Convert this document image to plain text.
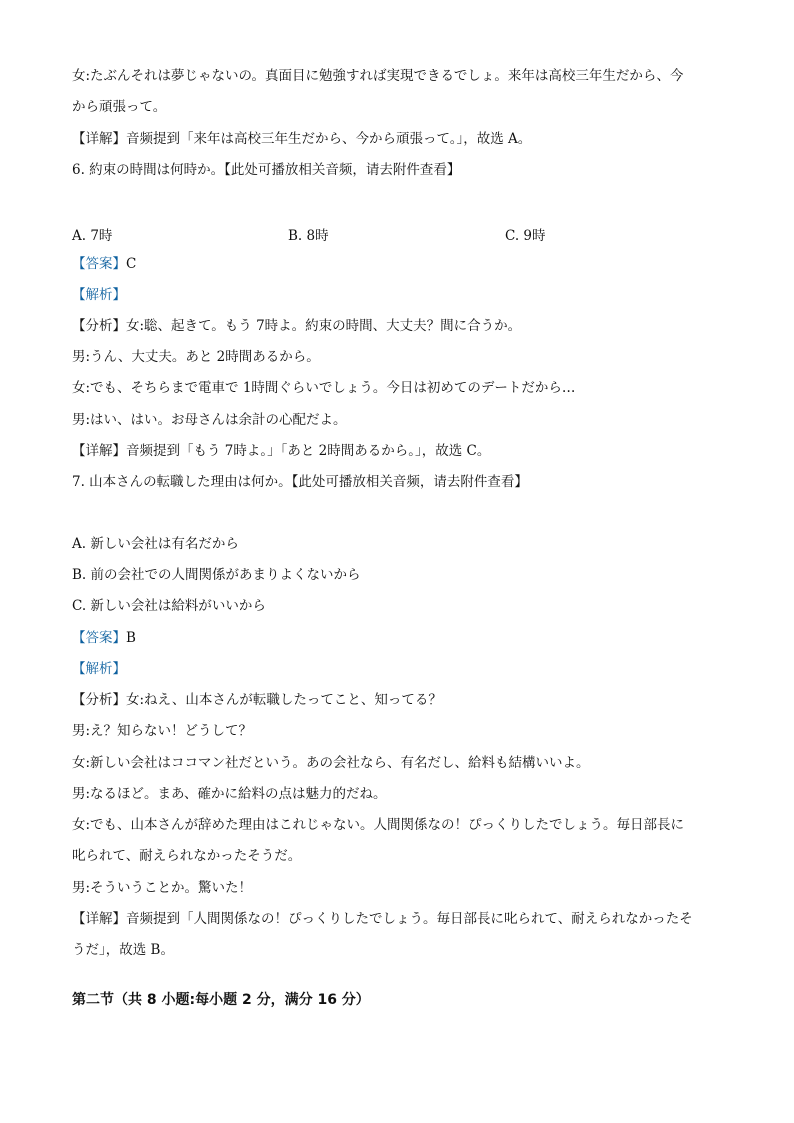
女:たぶんそれは夢じゃないの。真面目に勉強すれば実現できるでしょ。来年は高校三年生だから、今
から頑張って。
【详解】音频提到「来年は高校三年生だから、今から頑張って。」，故选 A。
6. 約束の時間は何時か。【此处可播放相关音频，请去附件查看】
A. 7時	B. 8時	C. 9時
【答案】C
【解析】
【分析】女:聡、起きて。もう 7時よ。約束の時間、大丈夫？間に合うか。
男:うん、大丈夫。あと 2時間あるから。
女:でも、そちらまで電車で 1時間ぐらいでしょう。今日は初めてのデートだから…
男:はい、はい。お母さんは余計の心配だよ。
【详解】音频提到「もう 7時よ。」「あと 2時間あるから。」，故选 C。
7. 山本さんの転職した理由は何か。【此处可播放相关音频，请去附件查看】
A. 新しい会社は有名だから
B. 前の会社での人間関係があまりよくないから
C. 新しい会社は給料がいいから
【答案】B
【解析】
【分析】女:ねえ、山本さんが転職したってこと、知ってる？
男:え？知らない！どうして？
女:新しい会社はココマン社だという。あの会社なら、有名だし、給料も結構いいよ。
男:なるほど。まあ、確かに給料の点は魅力的だね。
女:でも、山本さんが辞めた理由はこれじゃない。人間関係なの！ぴっくりしたでしょう。毎日部長に
叱られて、耐えられなかったそうだ。
男:そういうことか。驚いた！
【详解】音频提到「人間関係なの！ぴっくりしたでしょう。毎日部長に叱られて、耐えられなかったそ
うだ」，故选 B。
第二节（共 8 小题:每小题 2 分，满分 16 分）
